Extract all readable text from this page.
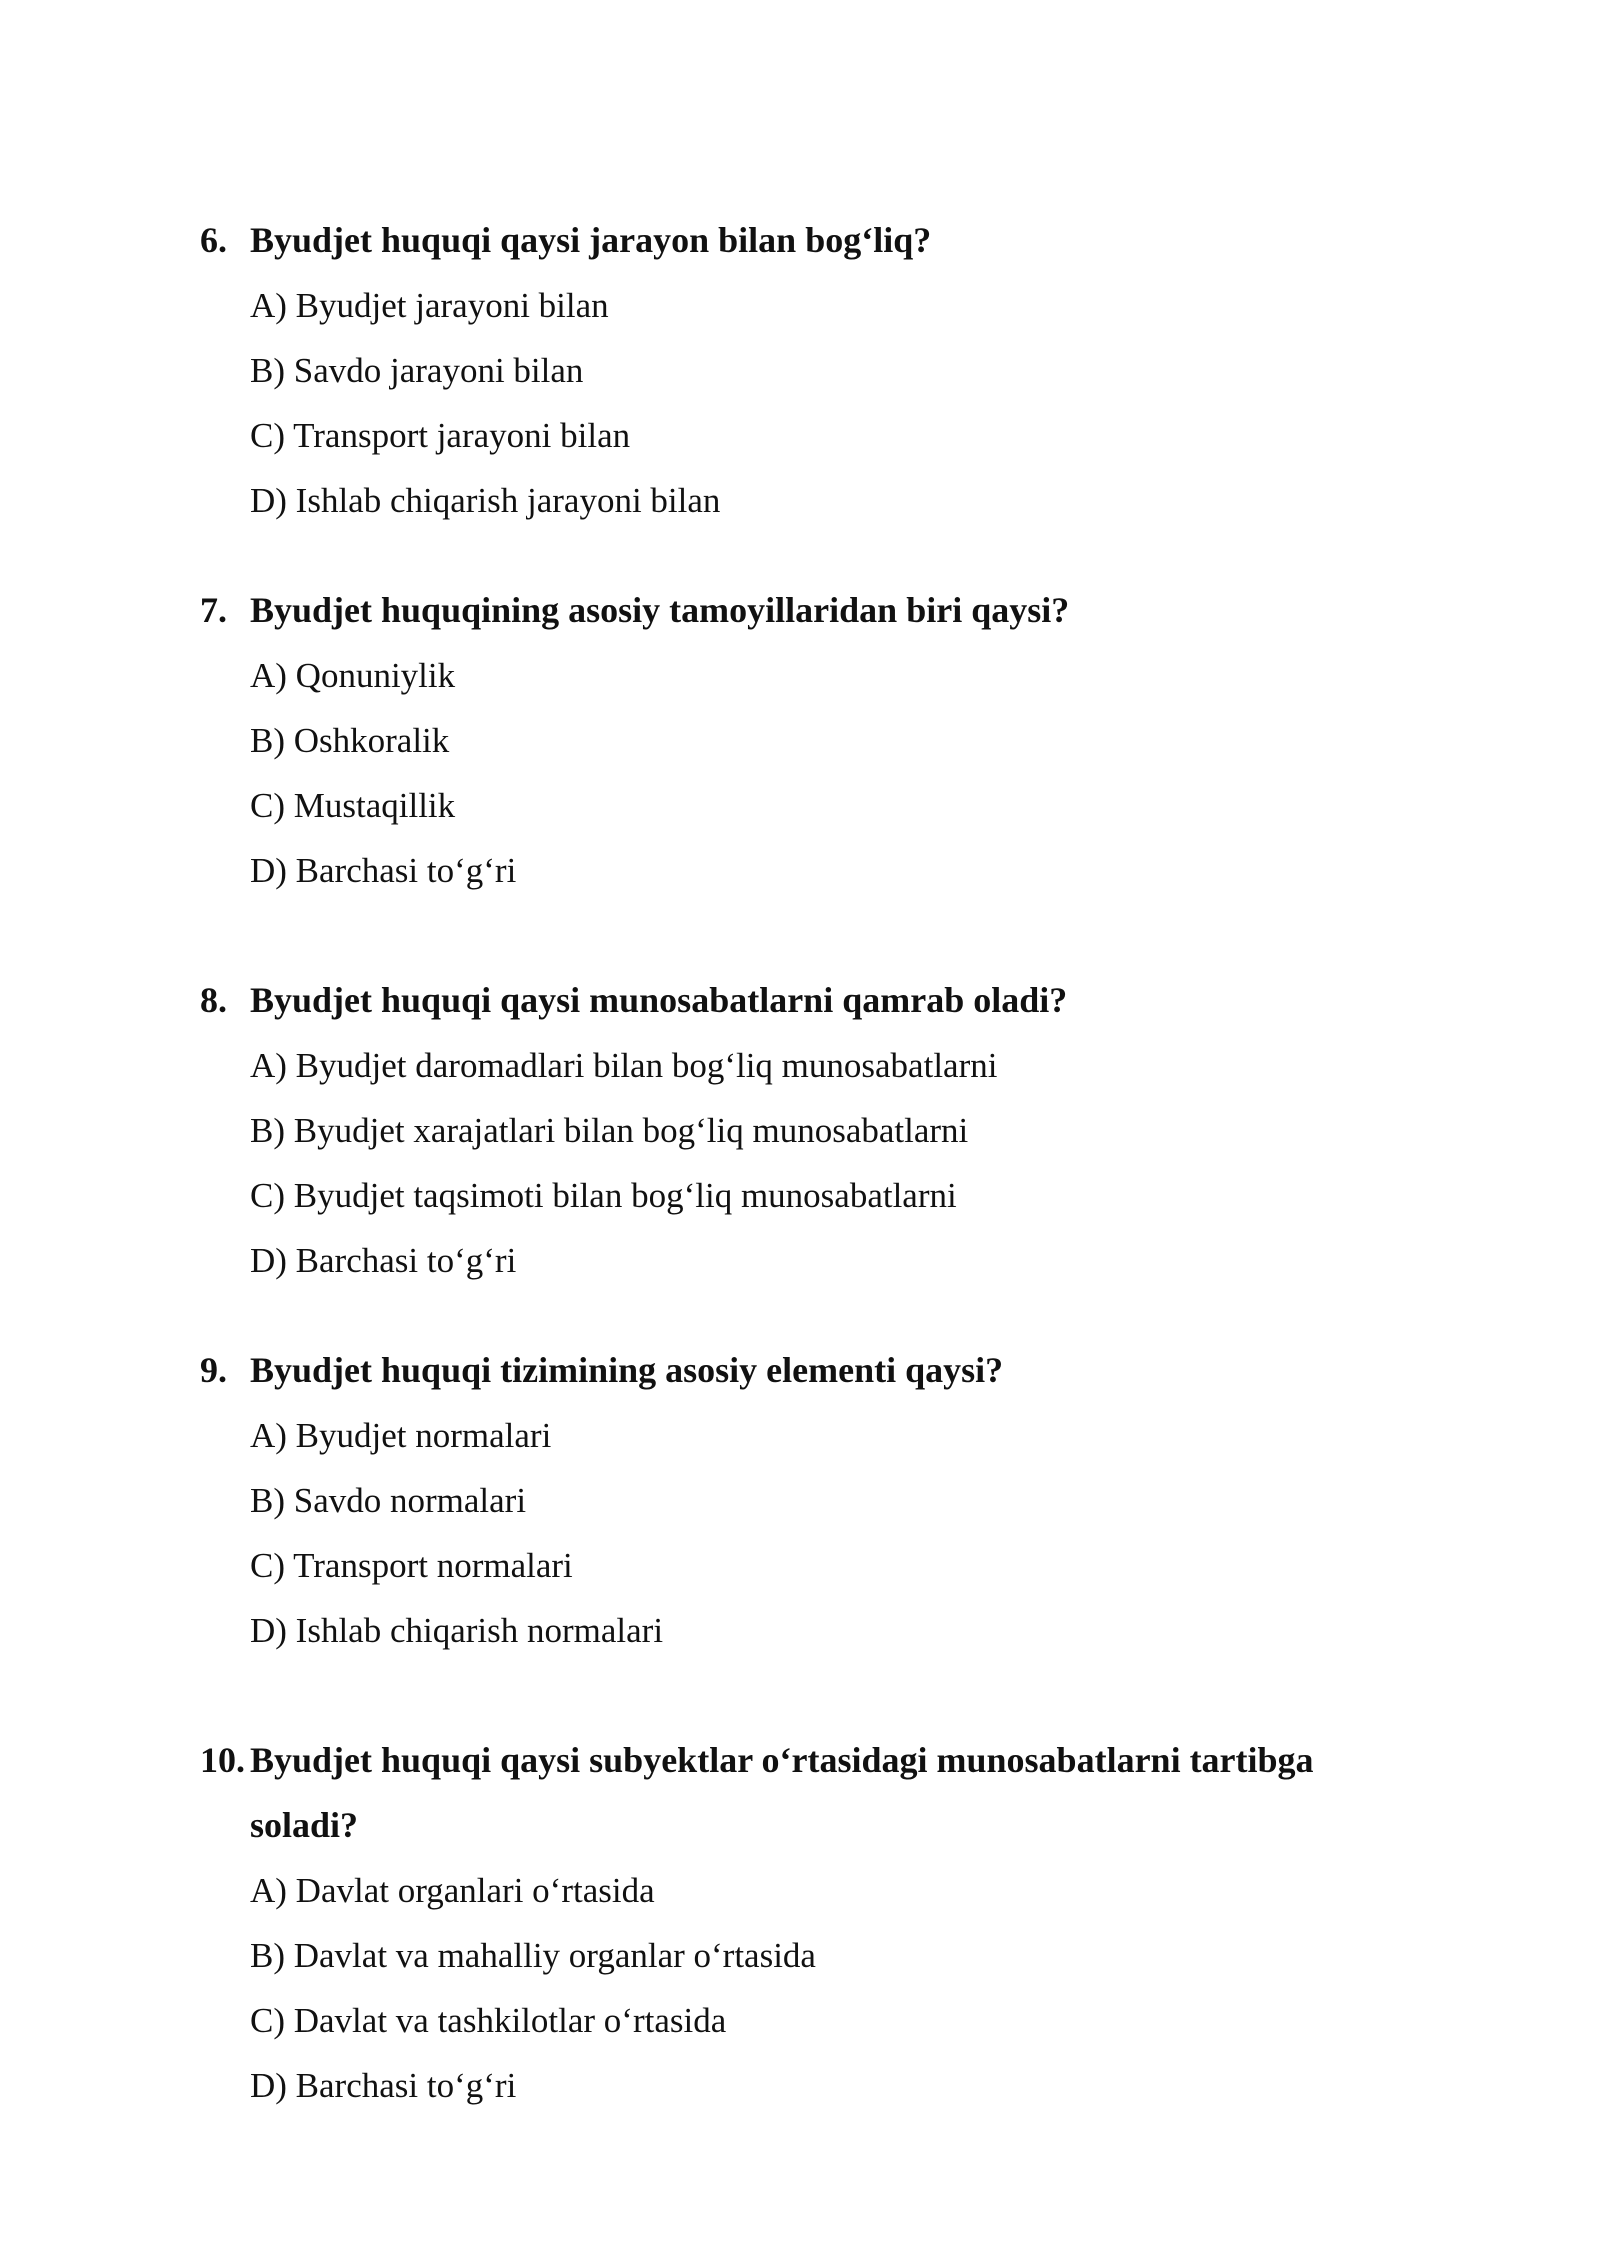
6. Byudjet huquqi qaysi jarayon bilan bog‘liq?
A) Byudjet jarayoni bilan
B) Savdo jarayoni bilan
C) Transport jarayoni bilan
D) Ishlab chiqarish jarayoni bilan
7. Byudjet huquqining asosiy tamoyillaridan biri qaysi?
A) Qonuniylik
B) Oshkoralik
C) Mustaqillik
D) Barchasi to‘g‘ri
8. Byudjet huquqi qaysi munosabatlarni qamrab oladi?
A) Byudjet daromadlari bilan bog‘liq munosabatlarni
B) Byudjet xarajatlari bilan bog‘liq munosabatlarni
C) Byudjet taqsimoti bilan bog‘liq munosabatlarni
D) Barchasi to‘g‘ri
9. Byudjet huquqi tizimining asosiy elementi qaysi?
A) Byudjet normalari
B) Savdo normalari
C) Transport normalari
D) Ishlab chiqarish normalari
10. Byudjet huquqi qaysi subyektlar o‘rtasidagi munosabatlarni tartibga soladi?
A) Davlat organlari o‘rtasida
B) Davlat va mahalliy organlar o‘rtasida
C) Davlat va tashkilotlar o‘rtasida
D) Barchasi to‘g‘ri
